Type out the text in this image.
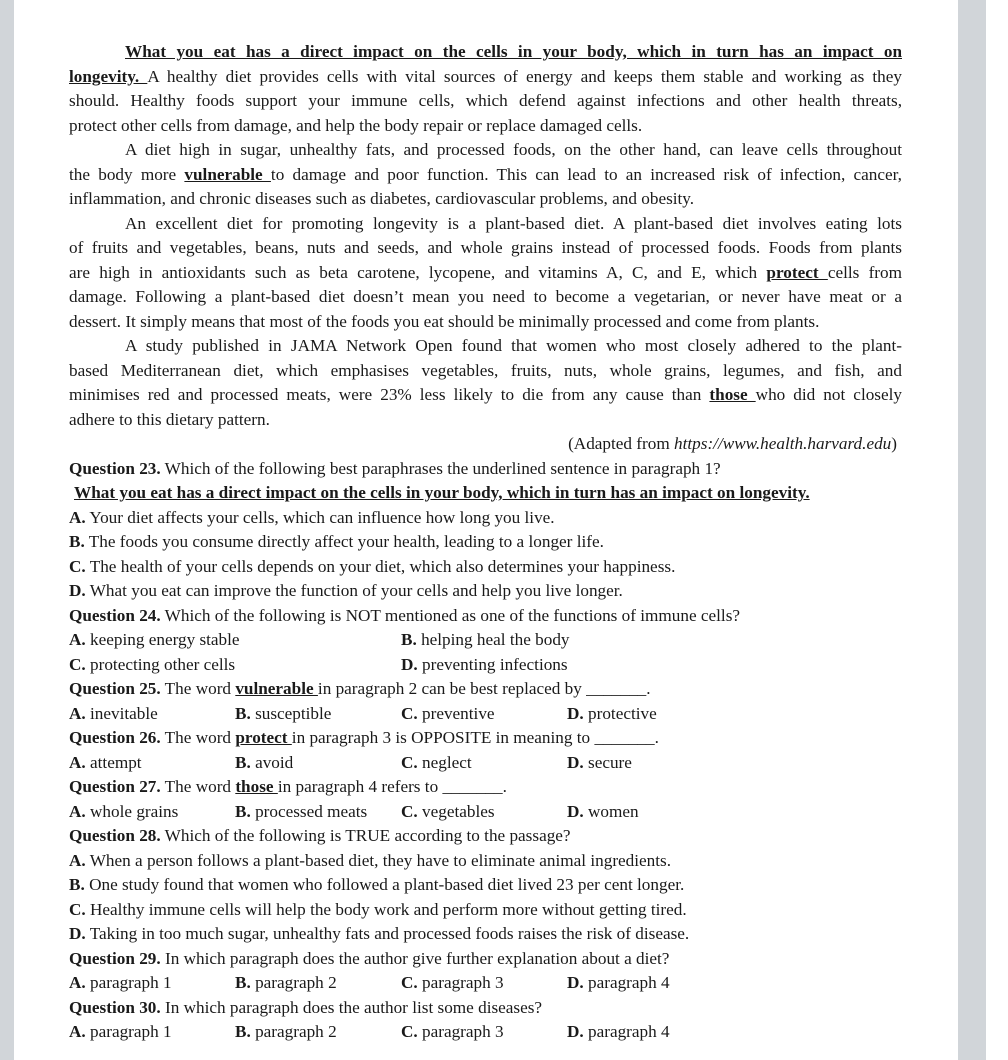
What you eat has a direct impact on the cells in your body, which in turn has an impact on
longevity. A healthy diet provides cells with vital sources of energy and keeps them stable and working as they
should. Healthy foods support your immune cells, which defend against infections and other health threats,
protect other cells from damage, and help the body repair or replace damaged cells.
A diet high in sugar, unhealthy fats, and processed foods, on the other hand, can leave cells throughout
the body more vulnerable to damage and poor function. This can lead to an increased risk of infection, cancer,
inflammation, and chronic diseases such as diabetes, cardiovascular problems, and obesity.
An excellent diet for promoting longevity is a plant-based diet. A plant-based diet involves eating lots
of fruits and vegetables, beans, nuts and seeds, and whole grains instead of processed foods. Foods from plants
are high in antioxidants such as beta carotene, lycopene, and vitamins A, C, and E, which protect cells from
damage. Following a plant-based diet doesn’t mean you need to become a vegetarian, or never have meat or a
dessert. It simply means that most of the foods you eat should be minimally processed and come from plants.
A study published in JAMA Network Open found that women who most closely adhered to the plant-
based Mediterranean diet, which emphasises vegetables, fruits, nuts, whole grains, legumes, and fish, and
minimises red and processed meats, were 23% less likely to die from any cause than those who did not closely
adhere to this dietary pattern.
(Adapted from https://www.health.harvard.edu)
Question 23. Which of the following best paraphrases the underlined sentence in paragraph 1?
What you eat has a direct impact on the cells in your body, which in turn has an impact on longevity.
A. Your diet affects your cells, which can influence how long you live.
B. The foods you consume directly affect your health, leading to a longer life.
C. The health of your cells depends on your diet, which also determines your happiness.
D. What you eat can improve the function of your cells and help you live longer.
Question 24. Which of the following is NOT mentioned as one of the functions of immune cells?
A. keeping energy stable	B. helping heal the body
C. protecting other cells	D. preventing infections
Question 25. The word vulnerable in paragraph 2 can be best replaced by _______.
A. inevitable	B. susceptible	C. preventive	D. protective
Question 26. The word protect in paragraph 3 is OPPOSITE in meaning to _______.
A. attempt	B. avoid	C. neglect	D. secure
Question 27. The word those in paragraph 4 refers to _______.
A. whole grains	B. processed meats	C. vegetables	D. women
Question 28. Which of the following is TRUE according to the passage?
A. When a person follows a plant-based diet, they have to eliminate animal ingredients.
B. One study found that women who followed a plant-based diet lived 23 per cent longer.
C. Healthy immune cells will help the body work and perform more without getting tired.
D. Taking in too much sugar, unhealthy fats and processed foods raises the risk of disease.
Question 29. In which paragraph does the author give further explanation about a diet?
A. paragraph 1	B. paragraph 2	C. paragraph 3	D. paragraph 4
Question 30. In which paragraph does the author list some diseases?
A. paragraph 1	B. paragraph 2	C. paragraph 3	D. paragraph 4
